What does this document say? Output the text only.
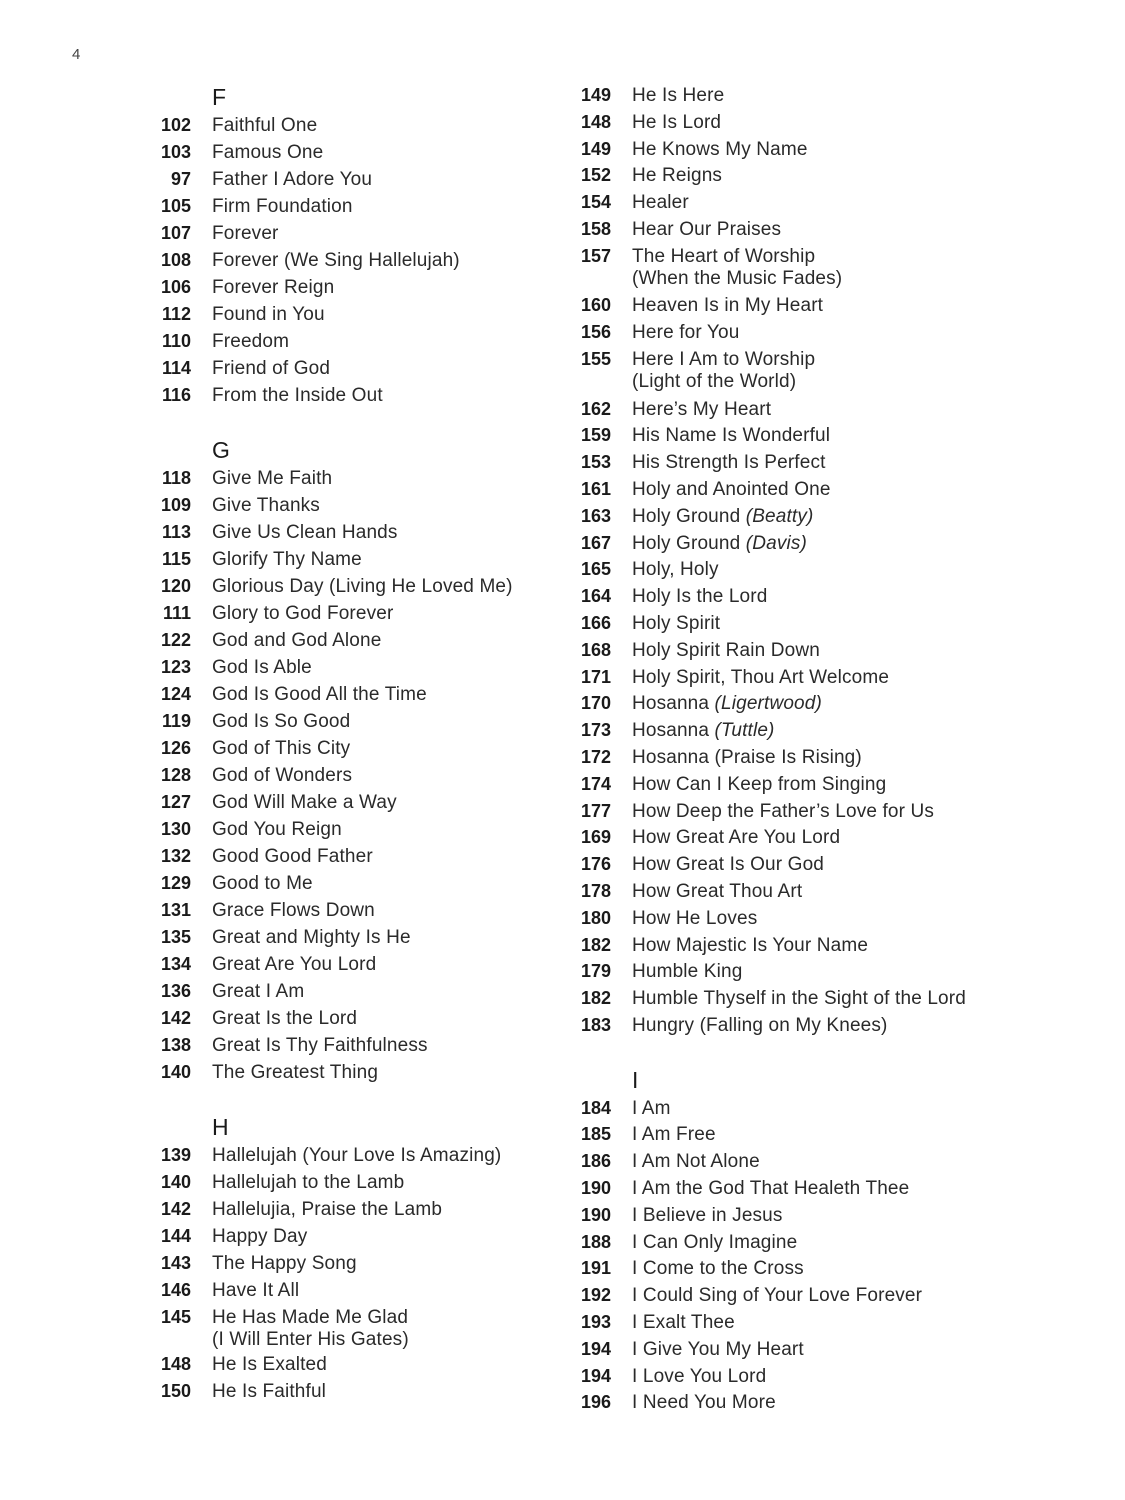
4
F
102 Faithful One
103 Famous One
97 Father I Adore You
105 Firm Foundation
107 Forever
108 Forever (We Sing Hallelujah)
106 Forever Reign
112 Found in You
110 Freedom
114 Friend of God
116 From the Inside Out
G
118 Give Me Faith
109 Give Thanks
113 Give Us Clean Hands
115 Glorify Thy Name
120 Glorious Day (Living He Loved Me)
111 Glory to God Forever
122 God and God Alone
123 God Is Able
124 God Is Good All the Time
119 God Is So Good
126 God of This City
128 God of Wonders
127 God Will Make a Way
130 God You Reign
132 Good Good Father
129 Good to Me
131 Grace Flows Down
135 Great and Mighty Is He
134 Great Are You Lord
136 Great I Am
142 Great Is the Lord
138 Great Is Thy Faithfulness
140 The Greatest Thing
H
139 Hallelujah (Your Love Is Amazing)
140 Hallelujah to the Lamb
142 Hallelujia, Praise the Lamb
144 Happy Day
143 The Happy Song
146 Have It All
145 He Has Made Me Glad
(I Will Enter His Gates)
148 He Is Exalted
150 He Is Faithful
149 He Is Here
148 He Is Lord
149 He Knows My Name
152 He Reigns
154 Healer
158 Hear Our Praises
157 The Heart of Worship
(When the Music Fades)
160 Heaven Is in My Heart
156 Here for You
155 Here I Am to Worship
(Light of the World)
162 Here’s My Heart
159 His Name Is Wonderful
153 His Strength Is Perfect
161 Holy and Anointed One
163 Holy Ground (Beatty)
167 Holy Ground (Davis)
165 Holy, Holy
164 Holy Is the Lord
166 Holy Spirit
168 Holy Spirit Rain Down
171 Holy Spirit, Thou Art Welcome
170 Hosanna (Ligertwood)
173 Hosanna (Tuttle)
172 Hosanna (Praise Is Rising)
174 How Can I Keep from Singing
177 How Deep the Father’s Love for Us
169 How Great Are You Lord
176 How Great Is Our God
178 How Great Thou Art
180 How He Loves
182 How Majestic Is Your Name
179 Humble King
182 Humble Thyself in the Sight of the Lord
183 Hungry (Falling on My Knees)
I
184 I Am
185 I Am Free
186 I Am Not Alone
190 I Am the God That Healeth Thee
190 I Believe in Jesus
188 I Can Only Imagine
191 I Come to the Cross
192 I Could Sing of Your Love Forever
193 I Exalt Thee
194 I Give You My Heart
194 I Love You Lord
196 I Need You More
